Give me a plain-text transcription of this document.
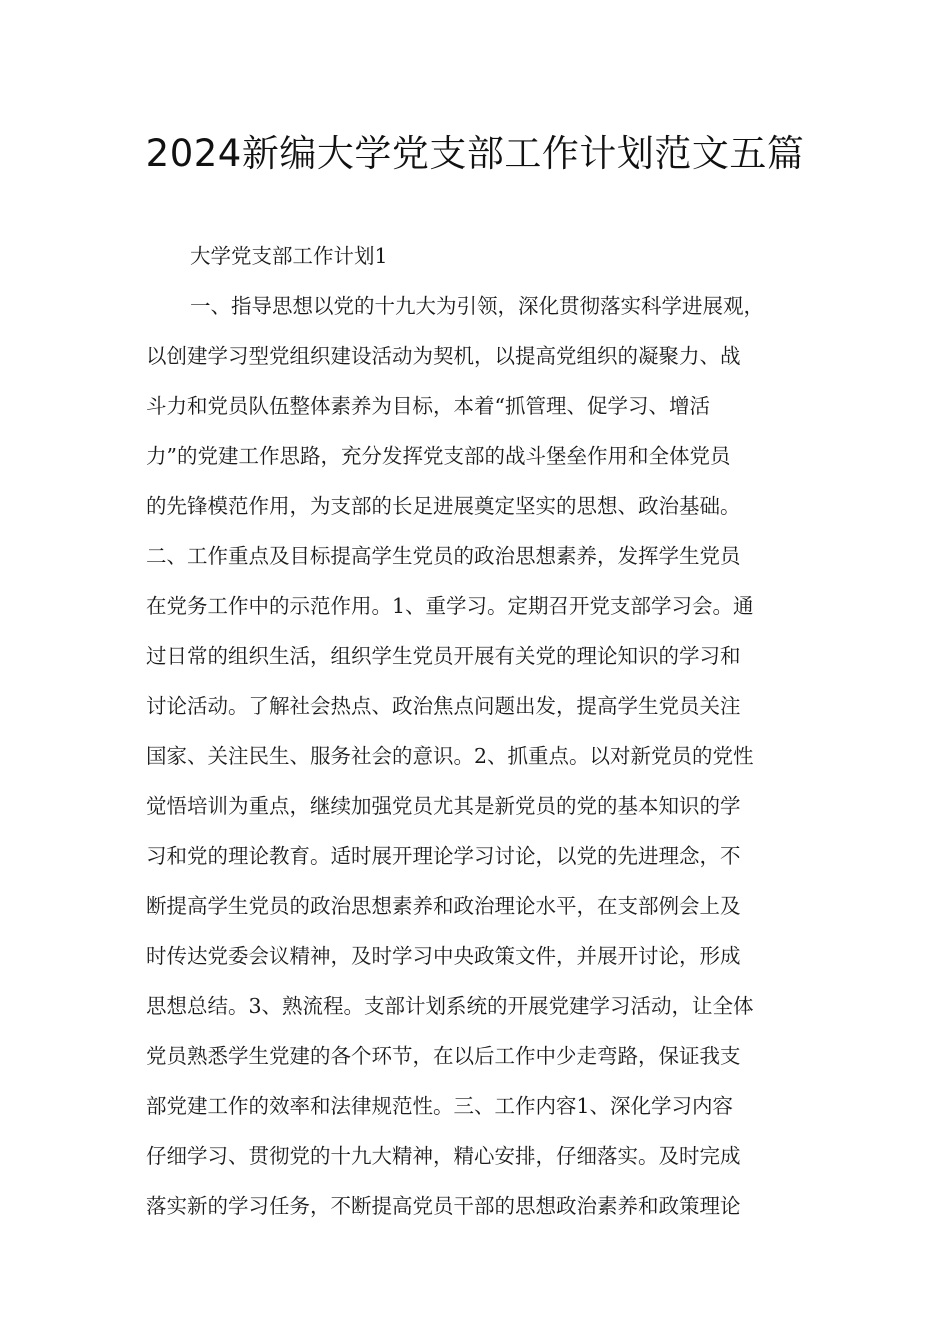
2024新编大学党支部工作计划范文五篇
大学党支部工作计划1
一、指导思想以党的十九大为引领，深化贯彻落实科学进展观，
以创建学习型党组织建设活动为契机，以提高党组织的凝聚力、战
斗力和党员队伍整体素养为目标，本着“抓管理、促学习、增活
力”的党建工作思路，充分发挥党支部的战斗堡垒作用和全体党员
的先锋模范作用，为支部的长足进展奠定坚实的思想、政治基础。
二、工作重点及目标提高学生党员的政治思想素养，发挥学生党员
在党务工作中的示范作用。1、重学习。定期召开党支部学习会。通
过日常的组织生活，组织学生党员开展有关党的理论知识的学习和
讨论活动。了解社会热点、政治焦点问题出发，提高学生党员关注
国家、关注民生、服务社会的意识。2、抓重点。以对新党员的党性
觉悟培训为重点，继续加强党员尤其是新党员的党的基本知识的学
习和党的理论教育。适时展开理论学习讨论，以党的先进理念，不
断提高学生党员的政治思想素养和政治理论水平，在支部例会上及
时传达党委会议精神，及时学习中央政策文件，并展开讨论，形成
思想总结。3、熟流程。支部计划系统的开展党建学习活动，让全体
党员熟悉学生党建的各个环节，在以后工作中少走弯路，保证我支
部党建工作的效率和法律规范性。三、工作内容1、深化学习内容
仔细学习、贯彻党的十九大精神，精心安排，仔细落实。及时完成
落实新的学习任务，不断提高党员干部的思想政治素养和政策理论
